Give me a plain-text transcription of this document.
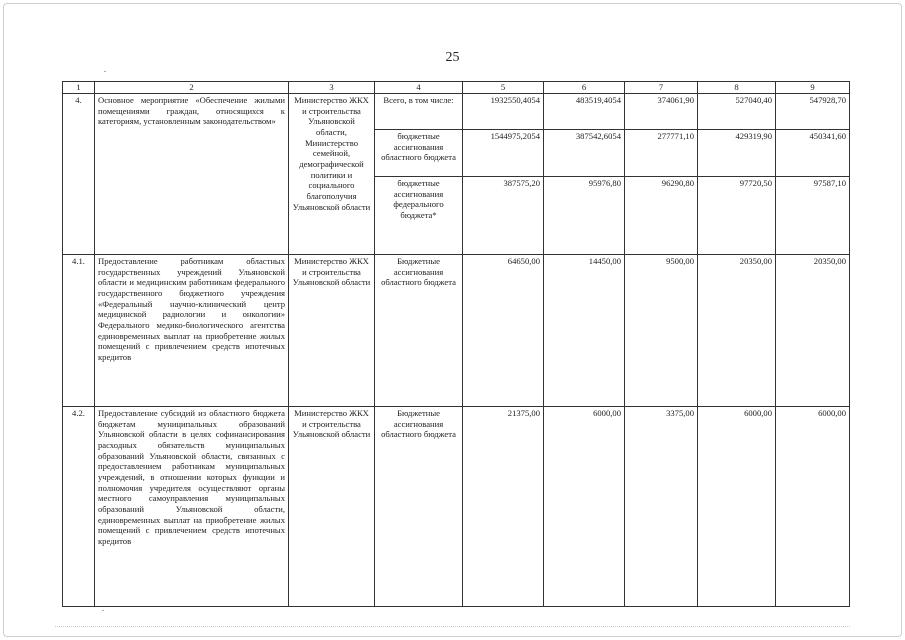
25
1	2	3	4	5	6	7	8	9
4.	Основное мероприятие «Обеспечение жилыми помещениями граждан, относящихся к категориям, установленным законодательством»	Министерство ЖКХ и строительства Ульяновской области, Министерство семейной, демографической политики и социального благополучия Ульяновской области	Всего, в том числе:	1932550,4054	483519,4054	374061,90	527040,40	547928,70
			бюджетные ассигнования областного бюджета	1544975,2054	387542,6054	277771,10	429319,90	450341,60
			бюджетные ассигнования федерального бюджета*	387575,20	95976,80	96290,80	97720,50	97587,10
4.1.	Предоставление работникам областных государственных учреждений Ульяновской области и медицинским работникам федерального государственного бюджетного учреждения «Федеральный научно-клинический центр медицинской радиологии и онкологии» Федерального медико-биологического агентства единовременных выплат на приобретение жилых помещений с привлечением средств ипотечных кредитов	Министерство ЖКХ и строительства Ульяновской области	Бюджетные ассигнования областного бюджета	64650,00	14450,00	9500,00	20350,00	20350,00
4.2.	Предоставление субсидий из областного бюджета бюджетам муниципальных образований Ульяновской области в целях софинансирования расходных обязательств муниципальных образований Ульяновской области, связанных с предоставлением работникам муниципальных учреждений, в отношении которых функции и полномочия учредителя осуществляют органы местного самоуправления муниципальных образований Ульяновской области, единовременных выплат на приобретение жилых помещений с привлечением средств ипотечных кредитов	Министерство ЖКХ и строительства Ульяновской области	Бюджетные ассигнования областного бюджета	21375,00	6000,00	3375,00	6000,00	6000,00
